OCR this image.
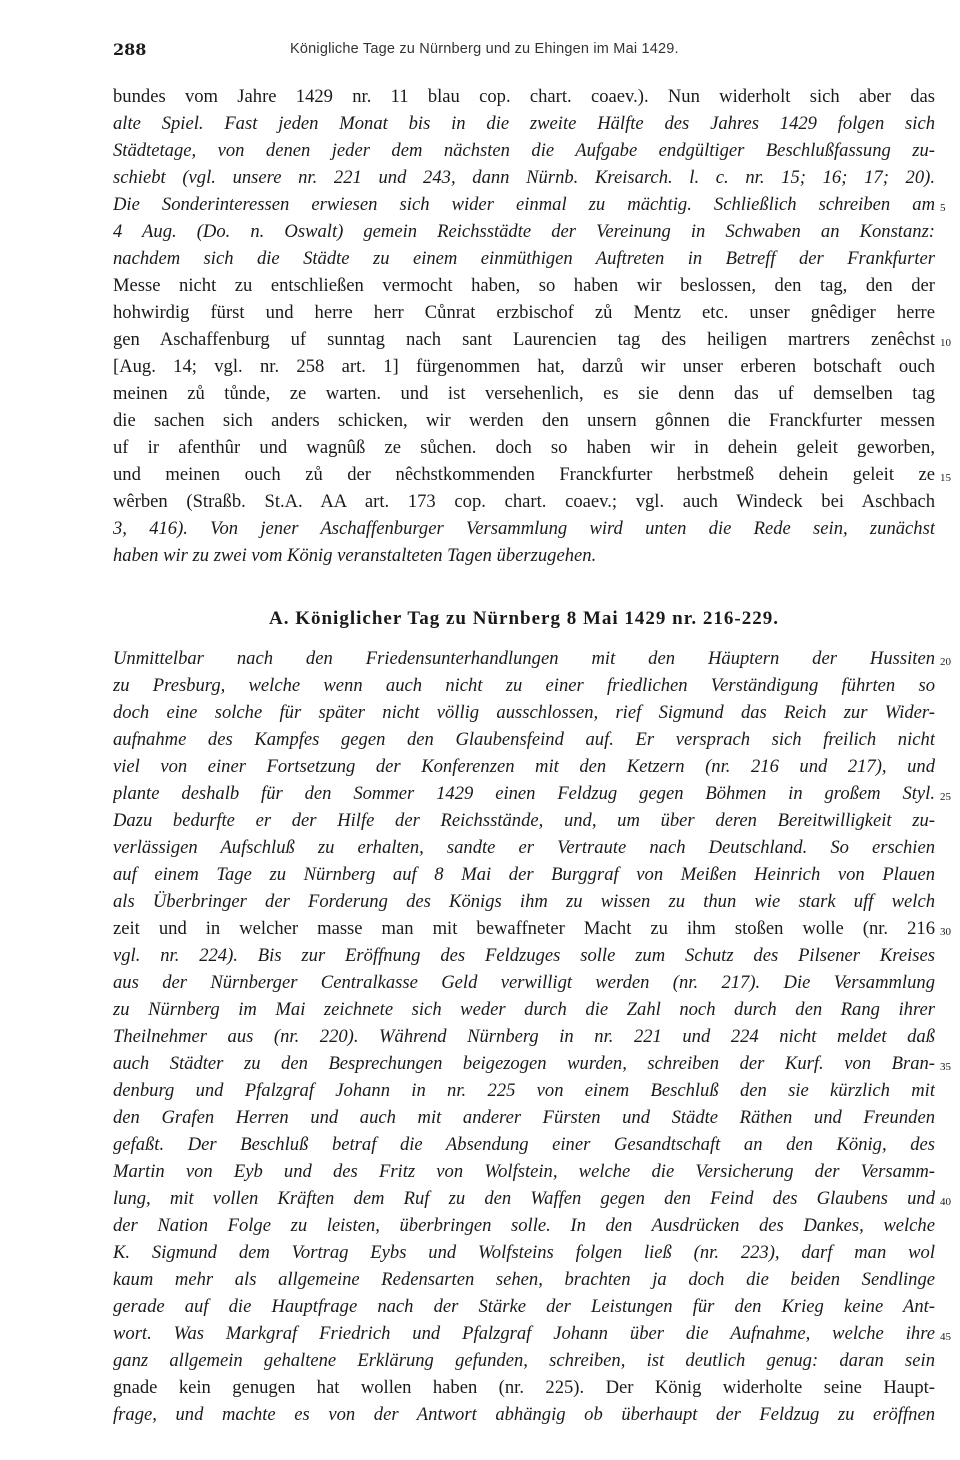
288	Königliche Tage zu Nürnberg und zu Ehingen im Mai 1429.
bundes vom Jahre 1429 nr. 11 blau cop. chart. coaev.). Nun widerholt sich aber das
alte Spiel. Fast jeden Monat bis in die zweite Hälfte des Jahres 1429 folgen sich
Städtetage, von denen jeder dem nächsten die Aufgabe endgültiger Beschlußfassung zu-
schiebt (vgl. unsere nr. 221 und 243, dann Nürnb. Kreisarch. l. c. nr. 15; 16; 17; 20).
Die Sonderinteressen erwiesen sich wider einmal zu mächtig. Schließlich schreiben am
4 Aug. (Do. n. Oswalt) gemein Reichsstädte der Vereinung in Schwaben an Konstanz:
nachdem sich die Städte zu einem einmüthigen Auftreten in Betreff der Frankfurter
Messe nicht zu entschließen vermocht haben, so haben wir beslossen, den tag, den der
hohwirdig fürst und herre herr Cůnrat erzbischof zů Mentz etc. unser gnêdiger herre
gen Aschaffenburg uf sunntag nach sant Laurencien tag des heiligen martrers zenêchst
[Aug. 14; vgl. nr. 258 art. 1] fürgenommen hat, darzů wir unser erberen botschaft ouch
meinen zů tůnde, ze warten. und ist versehenlich, es sie denn das uf demselben tag
die sachen sich anders schicken, wir werden den unsern gônnen die Franckfurter messen
uf ir afenthûr und wagnûß ze sůchen. doch so haben wir in dehein geleit geworben,
und meinen ouch zů der nêchstkommenden Franckfurter herbstmeß dehein geleit ze
wêrben (Straßb. St.A. AA art. 173 cop. chart. coaev.; vgl. auch Windeck bei Aschbach
3, 416). Von jener Aschaffenburger Versammlung wird unten die Rede sein, zunächst
haben wir zu zwei vom König veranstalteten Tagen überzugehen.
A. Königlicher Tag zu Nürnberg 8 Mai 1429 nr. 216-229.
Unmittelbar nach den Friedensunterhandlungen mit den Häuptern der Hussiten
zu Presburg, welche wenn auch nicht zu einer friedlichen Verständigung führten so
doch eine solche für später nicht völlig ausschlossen, rief Sigmund das Reich zur Wider-
aufnahme des Kampfes gegen den Glaubensfeind auf. Er versprach sich freilich nicht
viel von einer Fortsetzung der Konferenzen mit den Ketzern (nr. 216 und 217), und
plante deshalb für den Sommer 1429 einen Feldzug gegen Böhmen in großem Styl.
Dazu bedurfte er der Hilfe der Reichsstände, und, um über deren Bereitwilligkeit zu-
verlässigen Aufschluß zu erhalten, sandte er Vertraute nach Deutschland. So erschien
auf einem Tage zu Nürnberg auf 8 Mai der Burggraf von Meißen Heinrich von Plauen
als Überbringer der Forderung des Königs ihm zu wissen zu thun wie stark uff welch
zeit und in welcher masse man mit bewaffneter Macht zu ihm stoßen wolle (nr. 216
vgl. nr. 224). Bis zur Eröffnung des Feldzuges solle zum Schutz des Pilsener Kreises
aus der Nürnberger Centralkasse Geld verwilligt werden (nr. 217). Die Versammlung
zu Nürnberg im Mai zeichnete sich weder durch die Zahl noch durch den Rang ihrer
Theilnehmer aus (nr. 220). Während Nürnberg in nr. 221 und 224 nicht meldet daß
auch Städter zu den Besprechungen beigezogen wurden, schreiben der Kurf. von Bran-
denburg und Pfalzgraf Johann in nr. 225 von einem Beschluß den sie kürzlich mit
den Grafen Herren und auch mit anderer Fürsten und Städte Räthen und Freunden
gefaßt. Der Beschluß betraf die Absendung einer Gesandtschaft an den König, des
Martin von Eyb und des Fritz von Wolfstein, welche die Versicherung der Versamm-
lung, mit vollen Kräften dem Ruf zu den Waffen gegen den Feind des Glaubens und
der Nation Folge zu leisten, überbringen solle. In den Ausdrücken des Dankes, welche
K. Sigmund dem Vortrag Eybs und Wolfsteins folgen ließ (nr. 223), darf man wol
kaum mehr als allgemeine Redensarten sehen, brachten ja doch die beiden Sendlinge
gerade auf die Hauptfrage nach der Stärke der Leistungen für den Krieg keine Ant-
wort. Was Markgraf Friedrich und Pfalzgraf Johann über die Aufnahme, welche ihre
ganz allgemein gehaltene Erklärung gefunden, schreiben, ist deutlich genug: daran sein
gnade kein genugen hat wollen haben (nr. 225). Der König widerholte seine Haupt-
frage, und machte es von der Antwort abhängig ob überhaupt der Feldzug zu eröffnen
5
10
15
20
25
30
35
40
45
